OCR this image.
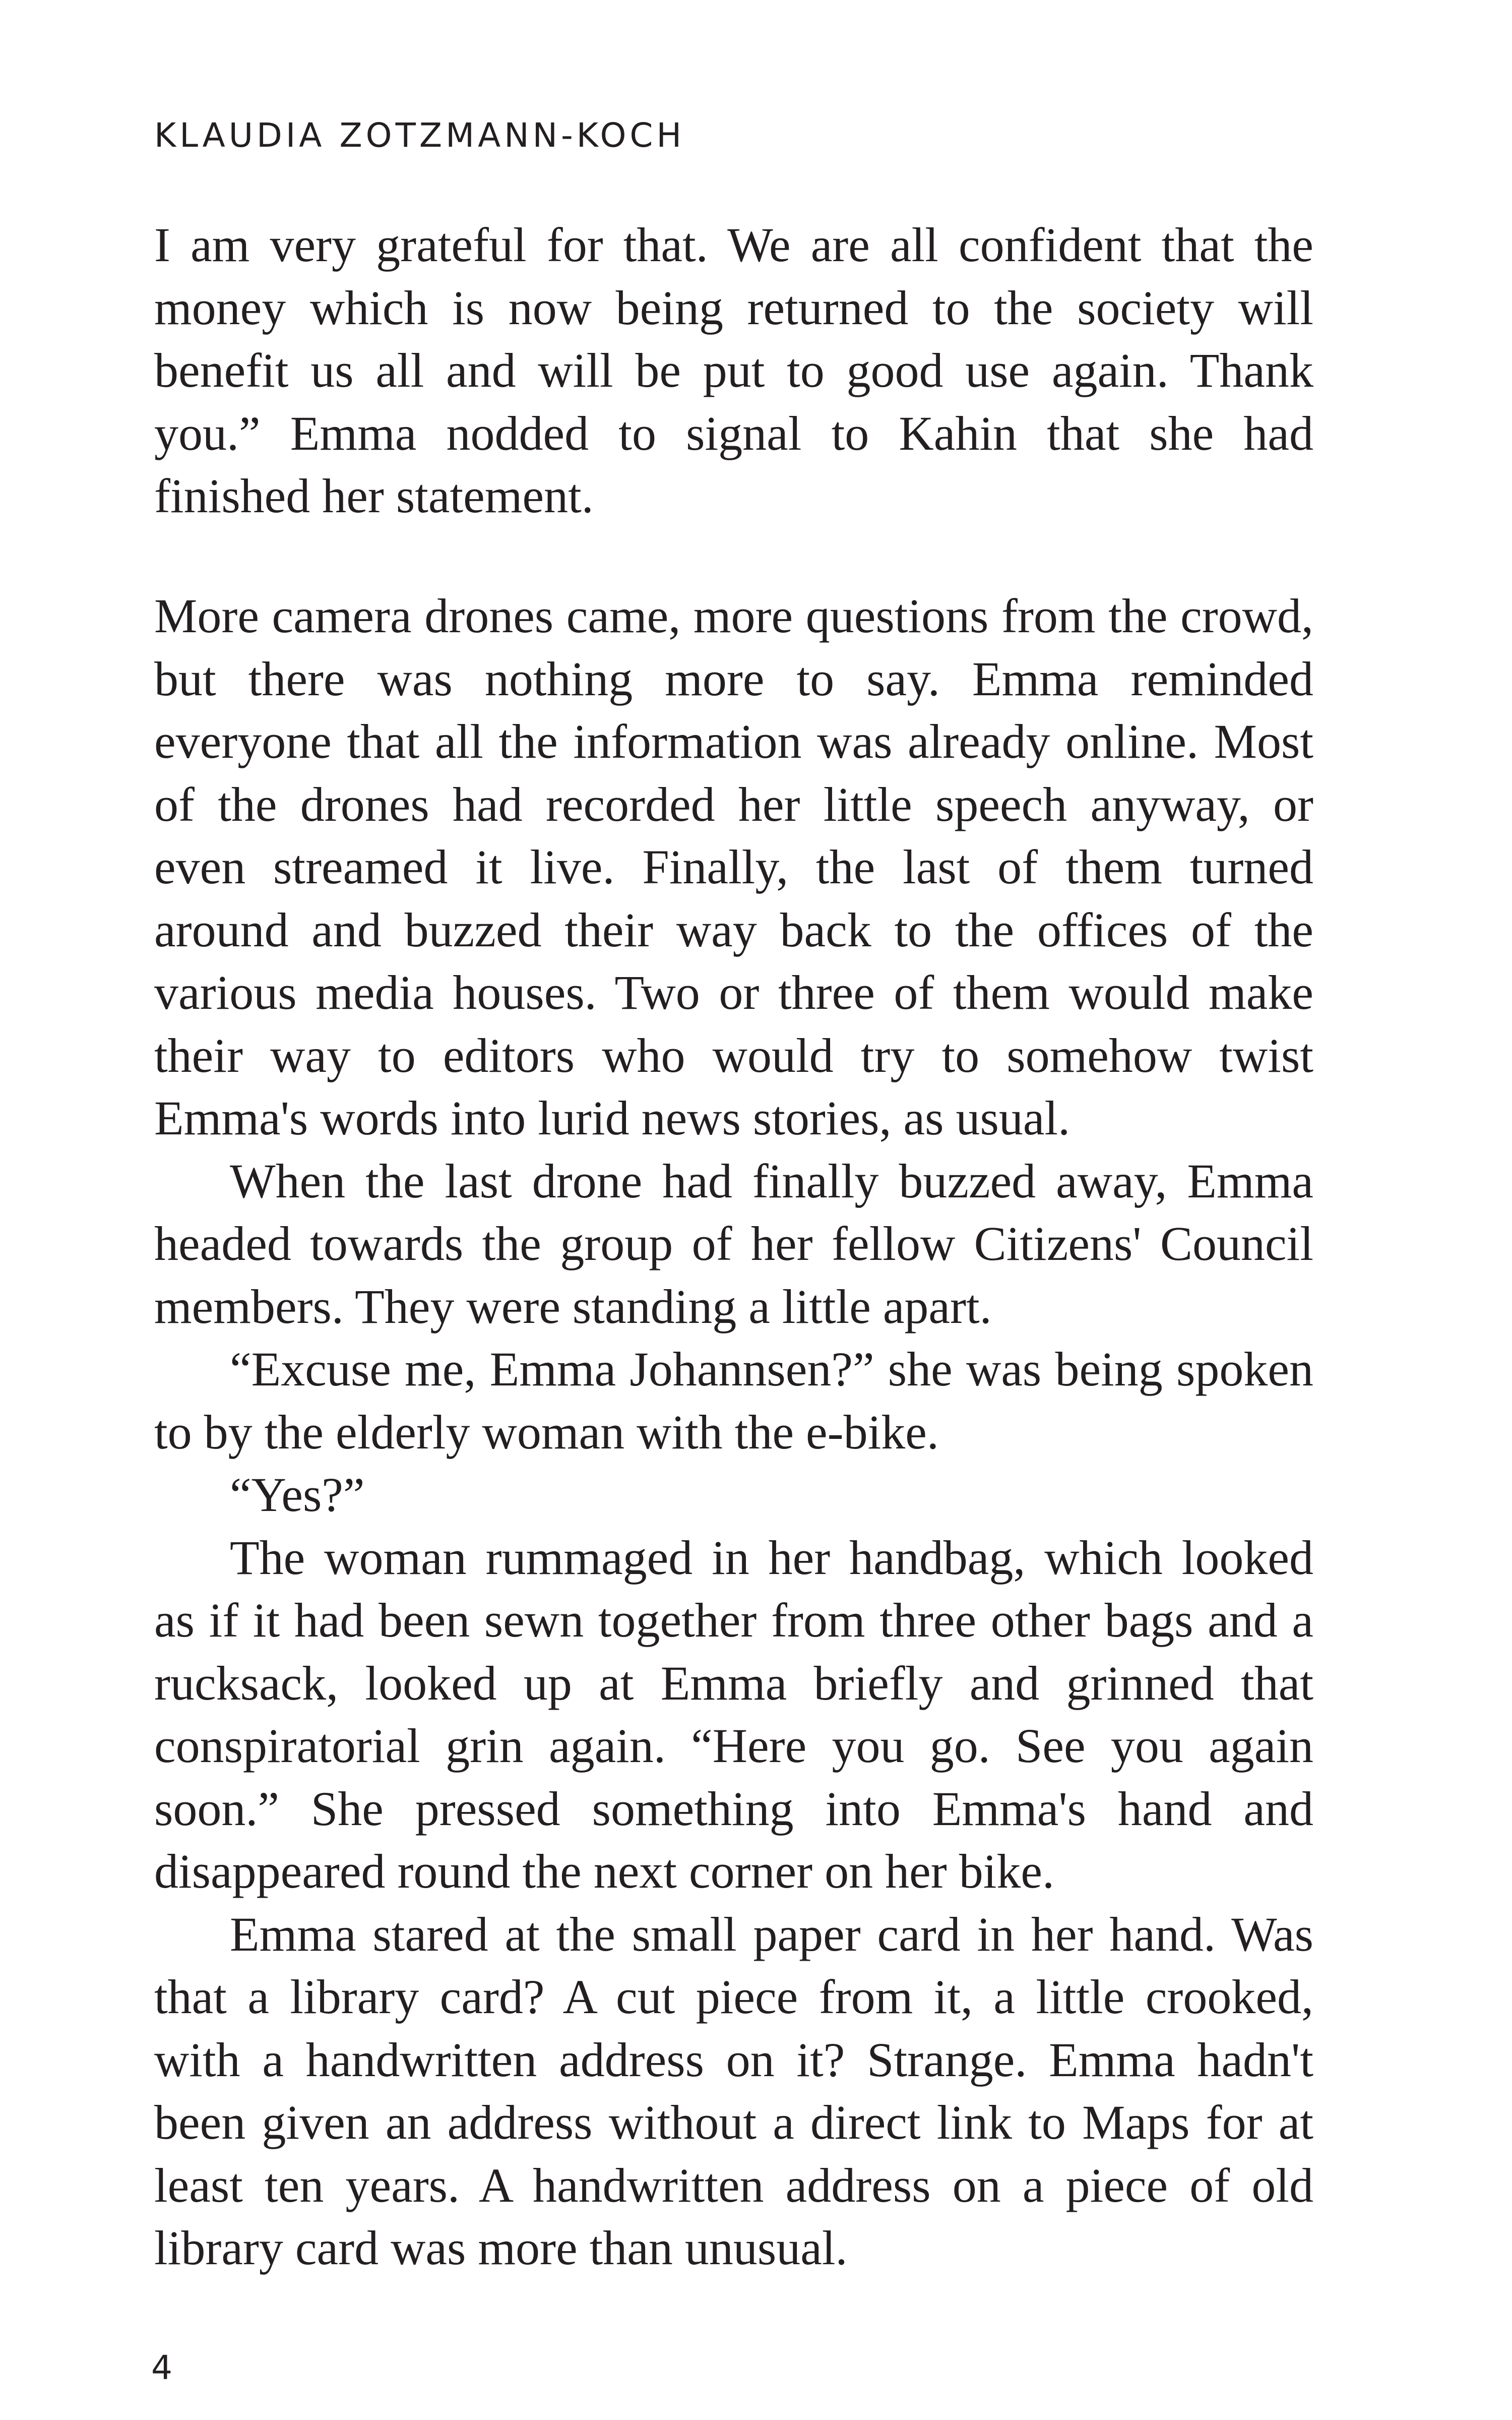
KLAUDIA ZOTZMANN-KOCH

I am very grateful for that. We are all confident that the money which is now being returned to the society will benefit us all and will be put to good use again. Thank you.” Emma nodded to signal to Kahin that she had finished her statement.

More camera drones came, more questions from the crowd, but there was nothing more to say. Emma reminded everyone that all the information was already online. Most of the drones had recorded her little speech anyway, or even streamed it live. Finally, the last of them turned around and buzzed their way back to the offices of the various media houses. Two or three of them would make their way to editors who would try to somehow twist Emma's words into lurid news stories, as usual.

When the last drone had finally buzzed away, Emma headed towards the group of her fellow Citizens' Council members. They were standing a little apart.

“Excuse me, Emma Johannsen?” she was being spoken to by the elderly woman with the e-bike.

“Yes?”

The woman rummaged in her handbag, which looked as if it had been sewn together from three other bags and a rucksack, looked up at Emma briefly and grinned that conspiratorial grin again. “Here you go. See you again soon.” She pressed something into Emma's hand and disappeared round the next corner on her bike.

Emma stared at the small paper card in her hand. Was that a library card? A cut piece from it, a little crooked, with a handwritten address on it? Strange. Emma hadn't been given an address without a direct link to Maps for at least ten years. A handwritten address on a piece of old library card was more than unusual.

4
